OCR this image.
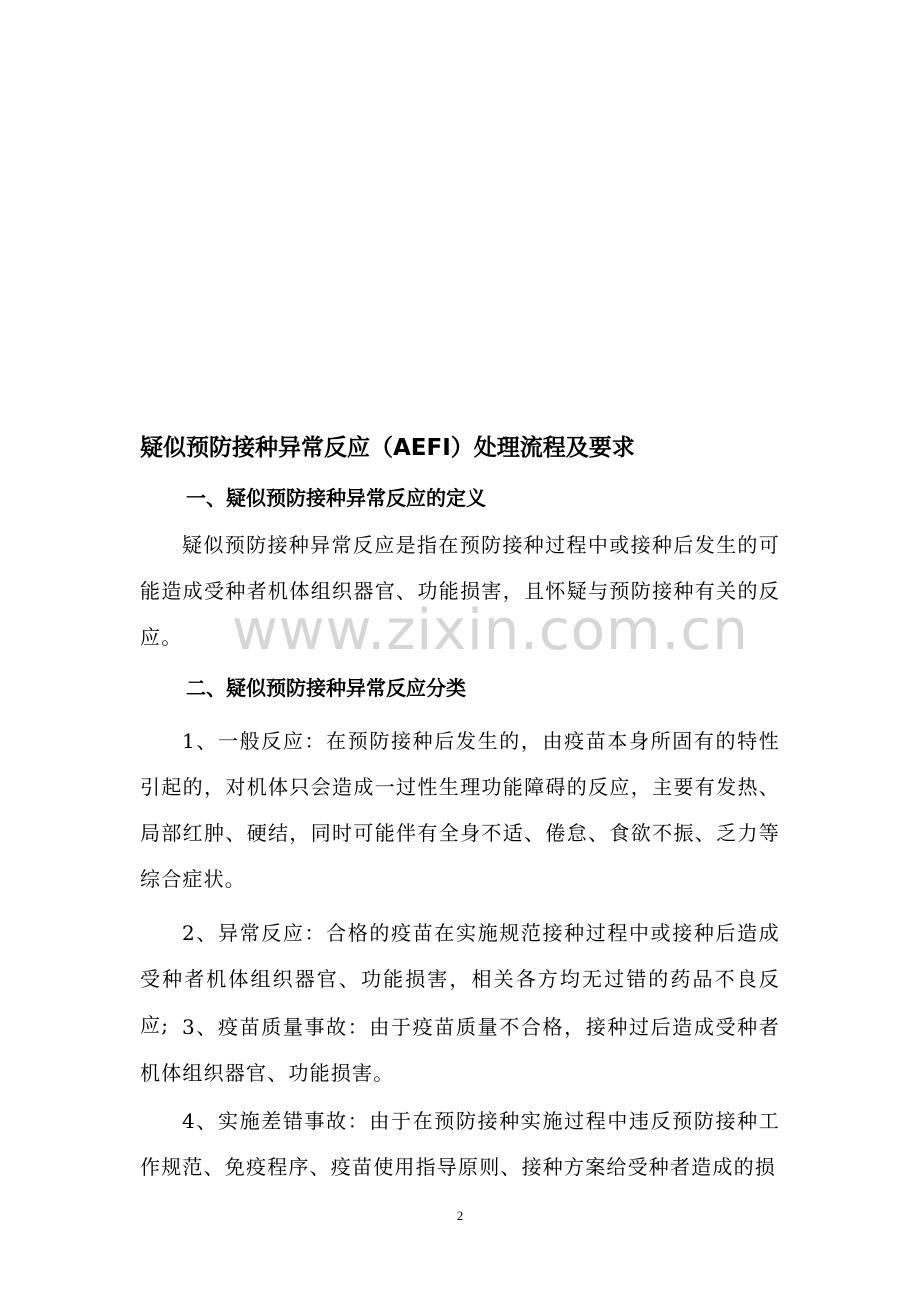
疑似预防接种异常反应（AEFI）处理流程及要求
一、疑似预防接种异常反应的定义
疑似预防接种异常反应是指在预防接种过程中或接种后发生的可能造成受种者机体组织器官、功能损害，且怀疑与预防接种有关的反应。 www.zixin.com.cn
二、疑似预防接种异常反应分类
1、一般反应：在预防接种后发生的，由疫苗本身所固有的特性引起的，对机体只会造成一过性生理功能障碍的反应，主要有发热、局部红肿、硬结，同时可能伴有全身不适、倦怠、食欲不振、乏力等综合症状。
2、异常反应：合格的疫苗在实施规范接种过程中或接种后造成受种者机体组织器官、功能损害，相关各方均无过错的药品不良反应; 3、疫苗质量事故：由于疫苗质量不合格，接种过后造成受种者机体组织器官、功能损害。
4、实施差错事故：由于在预防接种实施过程中违反预防接种工作规范、免疫程序、疫苗使用指导原则、接种方案给受种者造成的损
2
